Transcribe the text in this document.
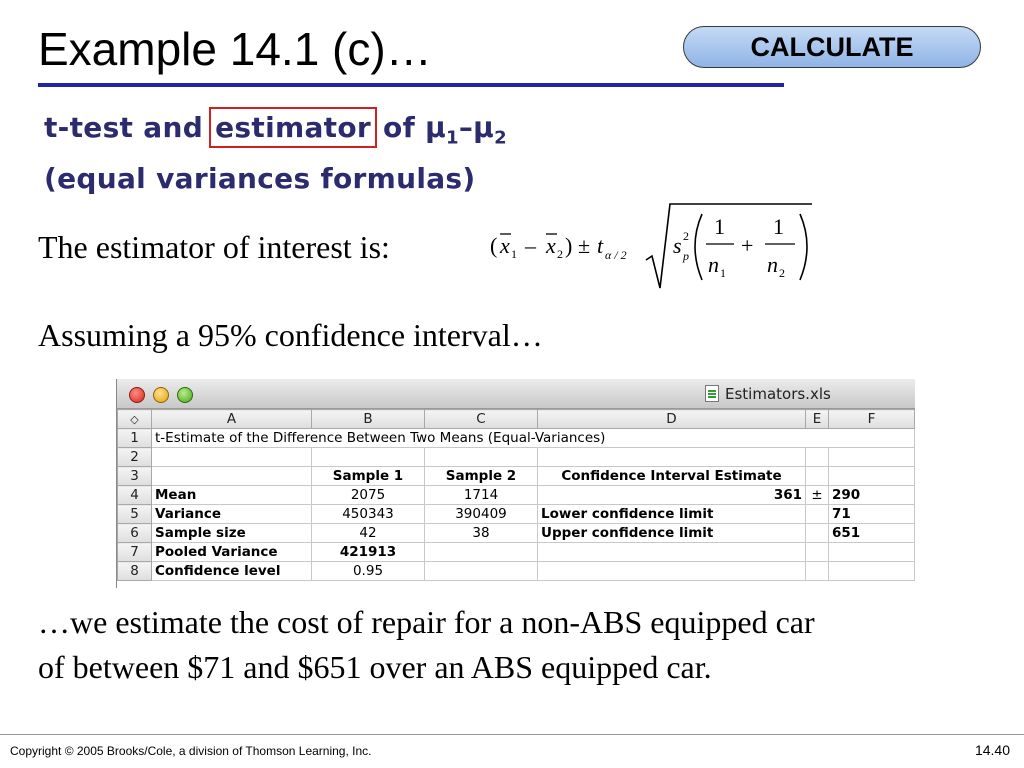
Example 14.1 (c)…	CALCULATE
t-test and estimator of $\mu_1-\mu_2$
(equal variances formulas)
The estimator of interest is:	( x 1 – x 2 ) ± t α / 2 s 2
p
1
n 1
+
1
n 2
Assuming a 95% confidence interval…
Estimators.xls
◇	A	B	C	D	E	F
1	t-Estimate of the Difference Between Two Means (Equal-Variances)					
2						
3		Sample 1	Sample 2	Confidence Interval Estimate		
4	Mean	2075	1714	361	±	290
5	Variance	450343	390409	Lower confidence limit		71
6	Sample size	42	38	Upper confidence limit		651
7	Pooled Variance	421913				
8	Confidence level	0.95				
…we estimate the cost of repair for a non-ABS equipped car
of between $71 and $651 over an ABS equipped car.
Copyright © 2005 Brooks/Cole, a division of Thomson Learning, Inc.	14.40
